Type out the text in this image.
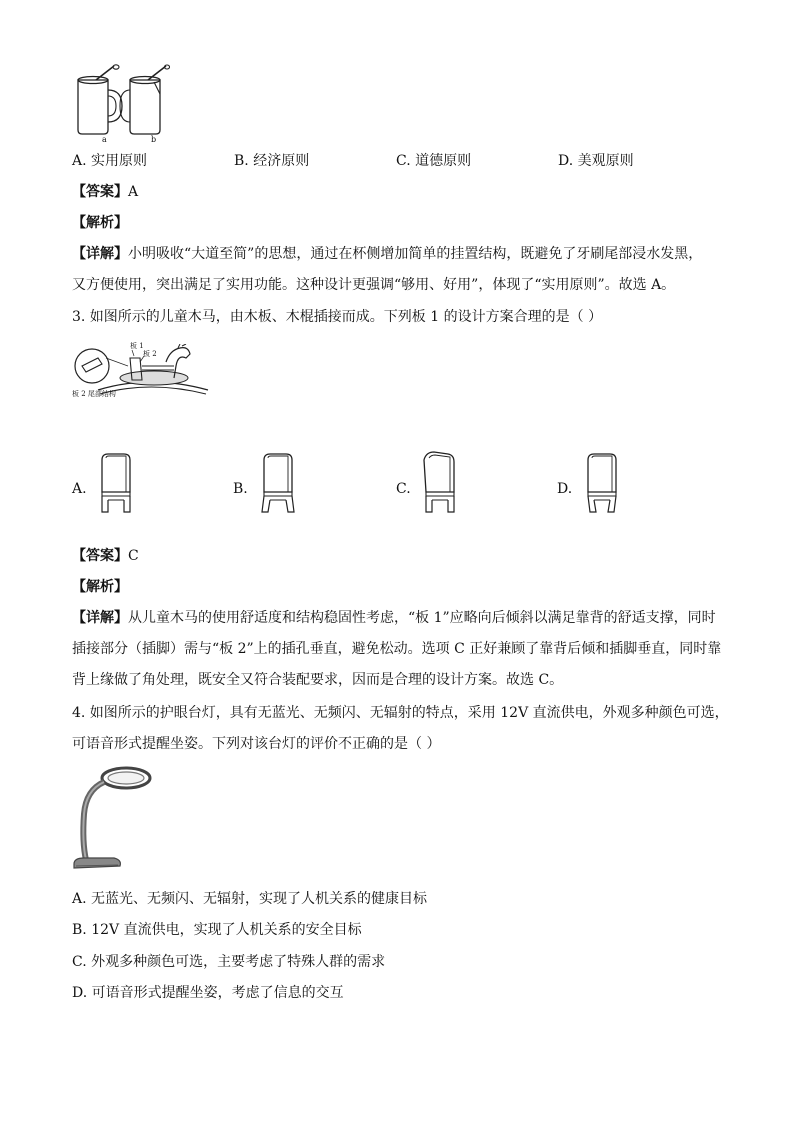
a	b
A. 实用原则	B. 经济原则	C. 道德原则	D. 美观原则
【答案】A
【解析】
【详解】小明吸收“大道至简”的思想，通过在杯侧增加简单的挂置结构，既避免了牙刷尾部浸水发黑，
又方便使用，突出满足了实用功能。这种设计更强调“够用、好用”，体现了“实用原则”。故选 A。
3. 如图所示的儿童木马，由木板、木棍插接而成。下列板 1 的设计方案合理的是（ ）
板 1
板 2
板 2 尾部结构
A.	B.	C.	D.
【答案】C
【解析】
【详解】从儿童木马的使用舒适度和结构稳固性考虑，“板 1”应略向后倾斜以满足靠背的舒适支撑，同时
插接部分（插脚）需与“板 2”上的插孔垂直，避免松动。选项 C 正好兼顾了靠背后倾和插脚垂直，同时靠
背上缘做了角处理，既安全又符合装配要求，因而是合理的设计方案。故选 C。
4. 如图所示的护眼台灯，具有无蓝光、无频闪、无辐射的特点，采用 12V 直流供电，外观多种颜色可选，
可语音形式提醒坐姿。下列对该台灯的评价不正确的是（ ）
A. 无蓝光、无频闪、无辐射，实现了人机关系的健康目标
B. 12V 直流供电，实现了人机关系的安全目标
C. 外观多种颜色可选，主要考虑了特殊人群的需求
D. 可语音形式提醒坐姿，考虑了信息的交互
